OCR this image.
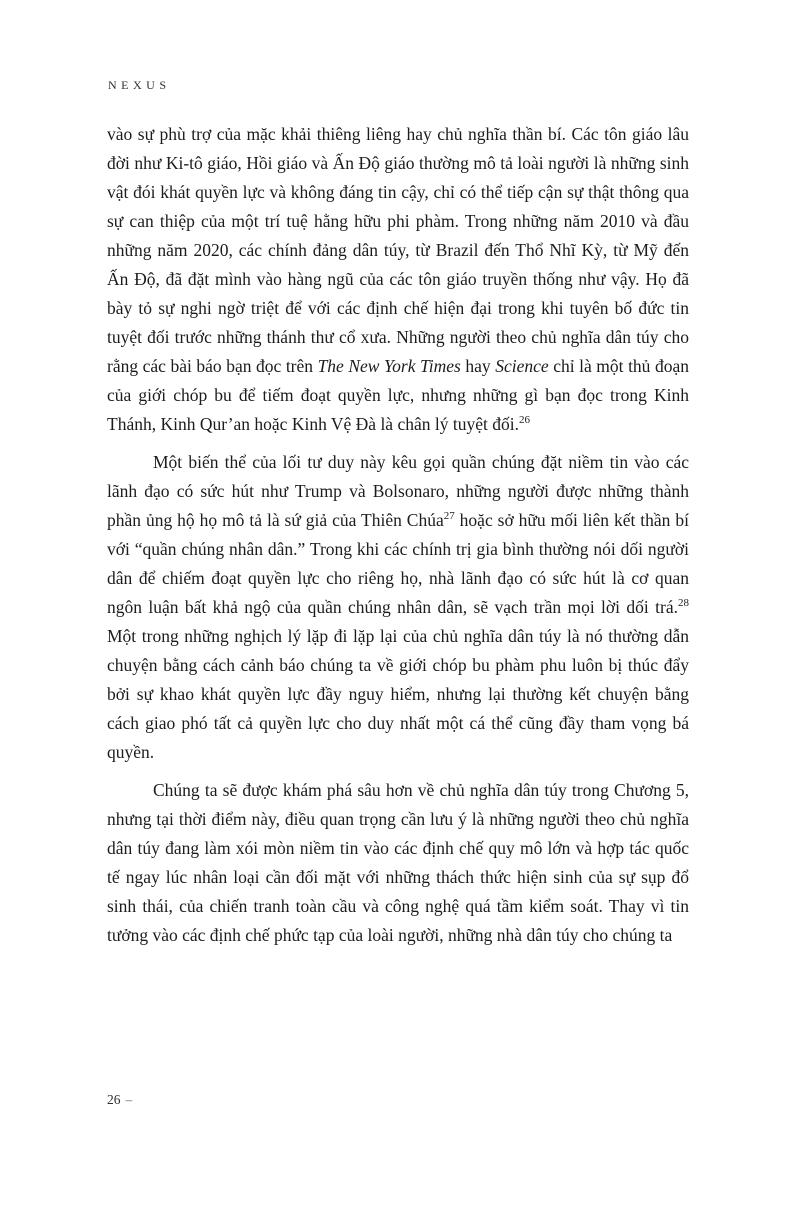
NEXUS

vào sự phù trợ của mặc khải thiêng liêng hay chủ nghĩa thần bí. Các tôn giáo lâu đời như Ki-tô giáo, Hồi giáo và Ấn Độ giáo thường mô tả loài người là những sinh vật đói khát quyền lực và không đáng tin cậy, chỉ có thể tiếp cận sự thật thông qua sự can thiệp của một trí tuệ hằng hữu phi phàm. Trong những năm 2010 và đầu những năm 2020, các chính đảng dân túy, từ Brazil đến Thổ Nhĩ Kỳ, từ Mỹ đến Ấn Độ, đã đặt mình vào hàng ngũ của các tôn giáo truyền thống như vậy. Họ đã bày tỏ sự nghi ngờ triệt để với các định chế hiện đại trong khi tuyên bố đức tin tuyệt đối trước những thánh thư cổ xưa. Những người theo chủ nghĩa dân túy cho rằng các bài báo bạn đọc trên The New York Times hay Science chỉ là một thủ đoạn của giới chóp bu để tiếm đoạt quyền lực, nhưng những gì bạn đọc trong Kinh Thánh, Kinh Qur’an hoặc Kinh Vệ Đà là chân lý tuyệt đối.$^{26}$

Một biến thể của lối tư duy này kêu gọi quần chúng đặt niềm tin vào các lãnh đạo có sức hút như Trump và Bolsonaro, những người được những thành phần ủng hộ họ mô tả là sứ giả của Thiên Chúa$^{27}$ hoặc sở hữu mối liên kết thần bí với “quần chúng nhân dân.” Trong khi các chính trị gia bình thường nói dối người dân để chiếm đoạt quyền lực cho riêng họ, nhà lãnh đạo có sức hút là cơ quan ngôn luận bất khả ngộ của quần chúng nhân dân, sẽ vạch trần mọi lời dối trá.$^{28}$ Một trong những nghịch lý lặp đi lặp lại của chủ nghĩa dân túy là nó thường dẫn chuyện bằng cách cảnh báo chúng ta về giới chóp bu phàm phu luôn bị thúc đẩy bởi sự khao khát quyền lực đầy nguy hiểm, nhưng lại thường kết chuyện bằng cách giao phó tất cả quyền lực cho duy nhất một cá thể cũng đầy tham vọng bá quyền.

Chúng ta sẽ được khám phá sâu hơn về chủ nghĩa dân túy trong Chương 5, nhưng tại thời điểm này, điều quan trọng cần lưu ý là những người theo chủ nghĩa dân túy đang làm xói mòn niềm tin vào các định chế quy mô lớn và hợp tác quốc tế ngay lúc nhân loại cần đối mặt với những thách thức hiện sinh của sự sụp đổ sinh thái, của chiến tranh toàn cầu và công nghệ quá tầm kiểm soát. Thay vì tin tưởng vào các định chế phức tạp của loài người, những nhà dân túy cho chúng ta

26 –
